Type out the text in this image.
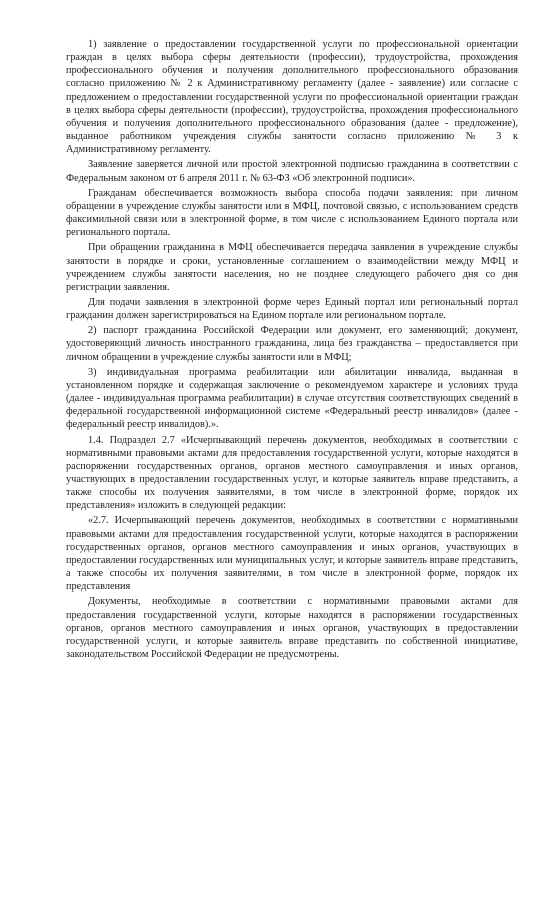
1) заявление о предоставлении государственной услуги по профессиональной ориентации граждан в целях выбора сферы деятельности (профессии), трудоустройства, прохождения профессионального обучения и получения дополнительного профессионального образования согласно приложению № 2 к Административному регламенту (далее - заявление) или согласие с предложением о предоставлении государственной услуги по профессиональной ориентации граждан в целях выбора сферы деятельности (профессии), трудоустройства, прохождения профессионального обучения и получения дополнительного профессионального образования (далее - предложение), выданное работником учреждения службы занятости согласно приложению № 3 к Административному регламенту.

Заявление заверяется личной или простой электронной подписью гражданина в соответствии с Федеральным законом от 6 апреля 2011 г. № 63-ФЗ «Об электронной подписи».

Гражданам обеспечивается возможность выбора способа подачи заявления: при личном обращении в учреждение службы занятости или в МФЦ, почтовой связью, с использованием средств факсимильной связи или в электронной форме, в том числе с использованием Единого портала или регионального портала.

При обращении гражданина в МФЦ обеспечивается передача заявления в учреждение службы занятости в порядке и сроки, установленные соглашением о взаимодействии между МФЦ и учреждением службы занятости населения, но не позднее следующего рабочего дня со дня регистрации заявления.

Для подачи заявления в электронной форме через Единый портал или региональный портал гражданин должен зарегистрироваться на Едином портале или региональном портале.

2) паспорт гражданина Российской Федерации или документ, его заменяющий; документ, удостоверяющий личность иностранного гражданина, лица без гражданства – предоставляется при личном обращении в учреждение службы занятости или в МФЦ;

3) индивидуальная программа реабилитации или абилитации инвалида, выданная в установленном порядке и содержащая заключение о рекомендуемом характере и условиях труда (далее - индивидуальная программа реабилитации) в случае отсутствия соответствующих сведений в федеральной государственной информационной системе «Федеральный реестр инвалидов» (далее - федеральный реестр инвалидов).».

1.4. Подраздел 2.7 «Исчерпывающий перечень документов, необходимых в соответствии с нормативными правовыми актами для предоставления государственной услуги, которые находятся в распоряжении государственных органов, органов местного самоуправления и иных органов, участвующих в предоставлении государственных услуг, и которые заявитель вправе представить, а также способы их получения заявителями, в том числе в электронной форме, порядок их представления» изложить в следующей редакции:

«2.7. Исчерпывающий перечень документов, необходимых в соответствии с нормативными правовыми актами для предоставления государственной услуги, которые находятся в распоряжении государственных органов, органов местного самоуправления и иных органов, участвующих в предоставлении государственных или муниципальных услуг, и которые заявитель вправе представить, а также способы их получения заявителями, в том числе в электронной форме, порядок их представления

Документы, необходимые в соответствии с нормативными правовыми актами для предоставления государственной услуги, которые находятся в распоряжении государственных органов, органов местного самоуправления и иных органов, участвующих в предоставлении государственной услуги, и которые заявитель вправе представить по собственной инициативе, законодательством Российской Федерации не предусмотрены.
